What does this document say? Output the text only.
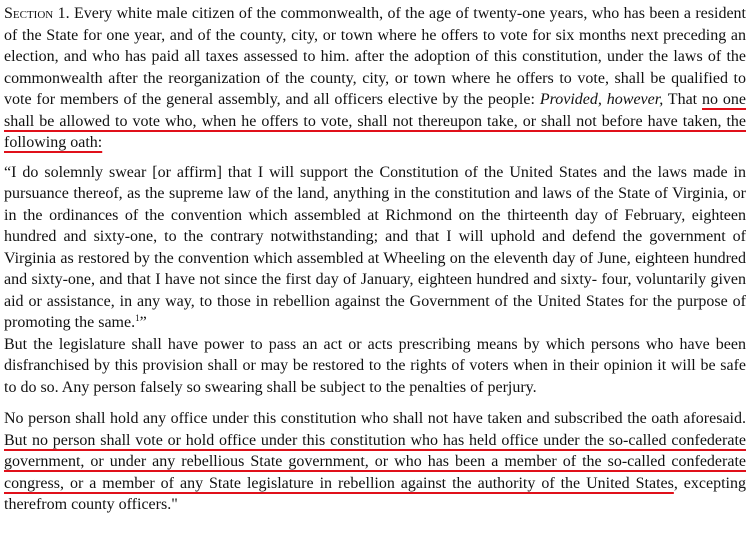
Section 1. Every white male citizen of the commonwealth, of the age of twenty-one years, who has been a resident of the State for one year, and of the county, city, or town where he offers to vote for six months next preceding an election, and who has paid all taxes assessed to him. after the adoption of this constitution, under the laws of the commonwealth after the reorganization of the county, city, or town where he offers to vote, shall be qualified to vote for members of the general assembly, and all officers elective by the people: Provided, however, That no one shall be allowed to vote who, when he offers to vote, shall not thereupon take, or shall not before have taken, the following oath:

“I do solemnly swear [or affirm] that I will support the Constitution of the United States and the laws made in pursuance thereof, as the supreme law of the land, anything in the constitution and laws of the State of Virginia, or in the ordinances of the convention which assembled at Richmond on the thirteenth day of February, eighteen hundred and sixty-one, to the contrary notwithstanding; and that I will uphold and defend the government of Virginia as restored by the convention which assembled at Wheeling on the eleventh day of June, eighteen hundred and sixty-one, and that I have not since the first day of January, eighteen hundred and sixty- four, voluntarily given aid or assistance, in any way, to those in rebellion against the Government of the United States for the purpose of promoting the same.$^1$”

But the legislature shall have power to pass an act or acts prescribing means by which persons who have been disfranchised by this provision shall or may be restored to the rights of voters when in their opinion it will be safe to do so. Any person falsely so swearing shall be subject to the penalties of perjury.

No person shall hold any office under this constitution who shall not have taken and subscribed the oath aforesaid. But no person shall vote or hold office under this constitution who has held office under the so-called confederate government, or under any rebellious State government, or who has been a member of the so-called confederate congress, or a member of any State legislature in rebellion against the authority of the United States, excepting therefrom county officers."
